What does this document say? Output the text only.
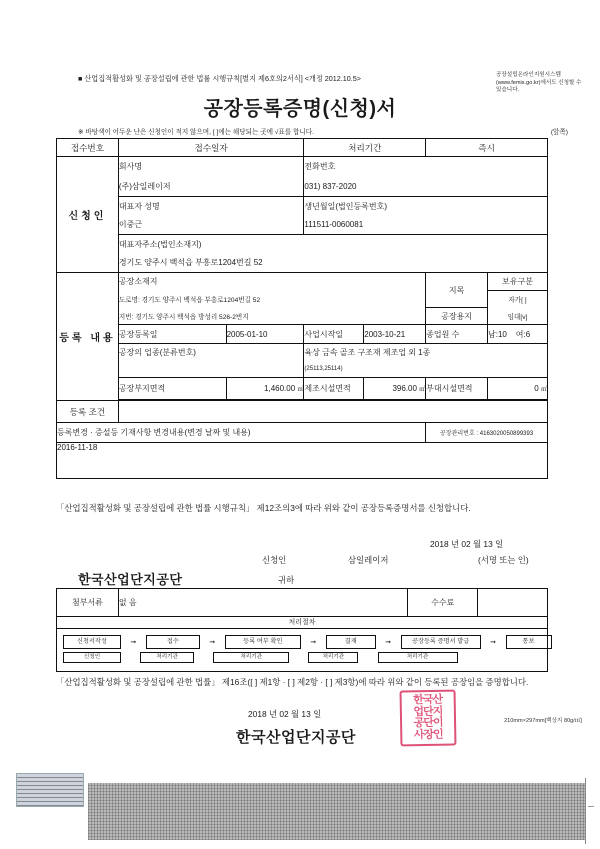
■ 산업집적활성화 및 공장설립에 관한 법률 시행규칙[별지 제6호의2서식] <개정 2012.10.5>	공장설립온라인지원시스템(www.femis.go.kr)에서도 신청할 수 있습니다.
공장등록증명(신청)서
※ 바탕색이 어두운 난은 신청인이 적지 않으며, [ ]에는 해당되는 곳에 √표를 합니다.	(앞쪽)
접수번호	접수일자		처리기간		즉시	
신청인	회사명		전화번호			
	(주)삼일레이저		031) 837-2020			
	대표자 성명		생년월일(법인등록번호)			
	이중근		111511-0060081			
	대표자주소(법인소재지)					
	경기도 양주시 백석읍 부흥로1204번길 52					
등록 내용	공장소재지				지목	보유구분
	도로명: 경기도 양주시 백석읍 부흥로1204번길 52					자가[ ]
	지번: 경기도 양주시 백석읍 방성리 526-2번지				공장용지	임대[v]
	공장등록일	2005-01-10	사업시작일	2003-10-21	종업원 수	남:10 여:6
	공장의 업종(분류번호)		육상 금속 골조 구조재 제조업 외 1종			
			(25113,25114)			
	공장부지면적	1,460.00 ㎡	제조시설면적	396.00 ㎡	부대시설면적	0 ㎡

등록 조건						
등록변경 · 증설등 기재사항 변경내용(변경 날짜 및 내용)					공장관리번호 : 4163020050899393	
2016-11-18						
「산업집적활성화 및 공장설립에 관한 법률 시행규칙」 제12조의3에 따라 위와 같이 공장등록증명서를 신청합니다.
2018 년 02 월 13 일
신청인	삼일레이저	(서명 또는 인)
한국산업단지공단	귀하
첨부서류	없 음	수수료	
처리절차
신청서작성	➞	접수	➞	등록 여부 확인	➞	결재	➞	공장등록 증명서 발급	➞	통보
신청인	처리기관	처리기관	처리기관	처리기관
「산업집적활성화 및 공장설립에 관한 법률」 제16조([ ] 제1항 · [ ] 제2항 · [ ] 제3항)에 따라 위와 같이 등록된 공장임을 증명합니다.
2018 년 02 월 13 일
한국산업단지공단
한국산
업단지
공단이
사장인
210mm×297mm[백상지 80g/㎡]
